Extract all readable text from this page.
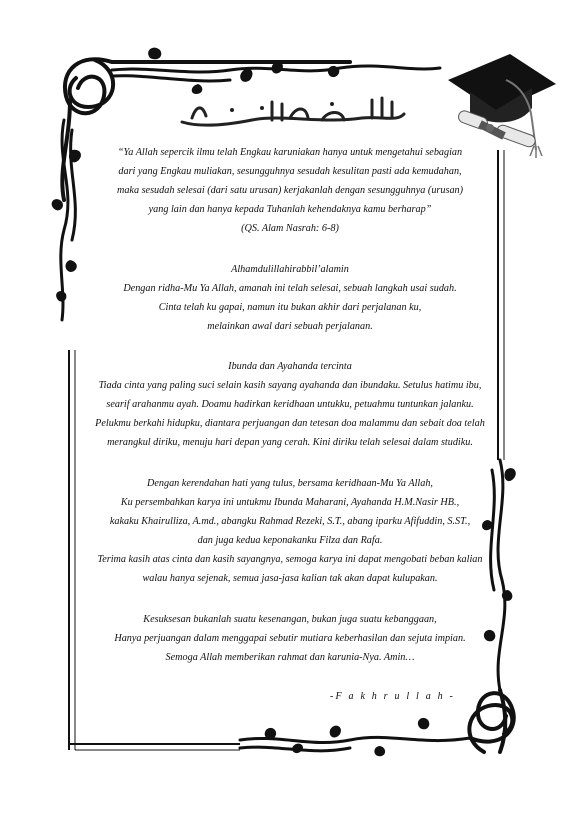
“Ya Allah sepercik ilmu telah Engkau karuniakan hanya untuk mengetahui sebagian
dari yang Engkau muliakan, sesungguhnya sesudah kesulitan pasti ada kemudahan,
maka sesudah selesai (dari satu urusan) kerjakanlah dengan sesungguhnya (urusan)
yang lain dan hanya kepada Tuhanlah kehendaknya kamu berharap”
(QS. Alam Nasrah: 6-8)
Alhamdulillahirabbil’alamin
Dengan ridha-Mu Ya Allah, amanah ini telah selesai, sebuah langkah usai sudah.
Cinta telah ku gapai, namun itu bukan akhir dari perjalanan ku,
melainkan awal dari sebuah perjalanan.
Ibunda dan Ayahanda tercinta
Tiada cinta yang paling suci selain kasih sayang ayahanda dan ibundaku. Setulus hatimu ibu,
searif arahanmu ayah. Doamu hadirkan keridhaan untukku, petuahmu tuntunkan jalanku.
Pelukmu berkahi hidupku, diantara perjuangan dan tetesan doa malammu dan sebait doa telah
merangkul diriku, menuju hari depan yang cerah. Kini diriku telah selesai dalam studiku.
Dengan kerendahan hati yang tulus, bersama keridhaan-Mu Ya Allah,
Ku persembahkan karya ini untukmu Ibunda Maharani, Ayahanda H.M.Nasir HB.,
kakaku Khairulliza, A.md., abangku Rahmad Rezeki, S.T., abang iparku Afifuddin, S.ST.,
dan juga kedua keponakanku Filza dan Rafa.
Terima kasih atas cinta dan kasih sayangnya, semoga karya ini dapat mengobati beban kalian
walau hanya sejenak, semua jasa-jasa kalian tak akan dapat kulupakan.
Kesuksesan bukanlah suatu kesenangan, bukan juga suatu kebanggaan,
Hanya perjuangan dalam menggapai sebutir mutiara keberhasilan dan sejuta impian.
Semoga Allah memberikan rahmat dan karunia-Nya. Amin…
-F a k h r u l l a h -
